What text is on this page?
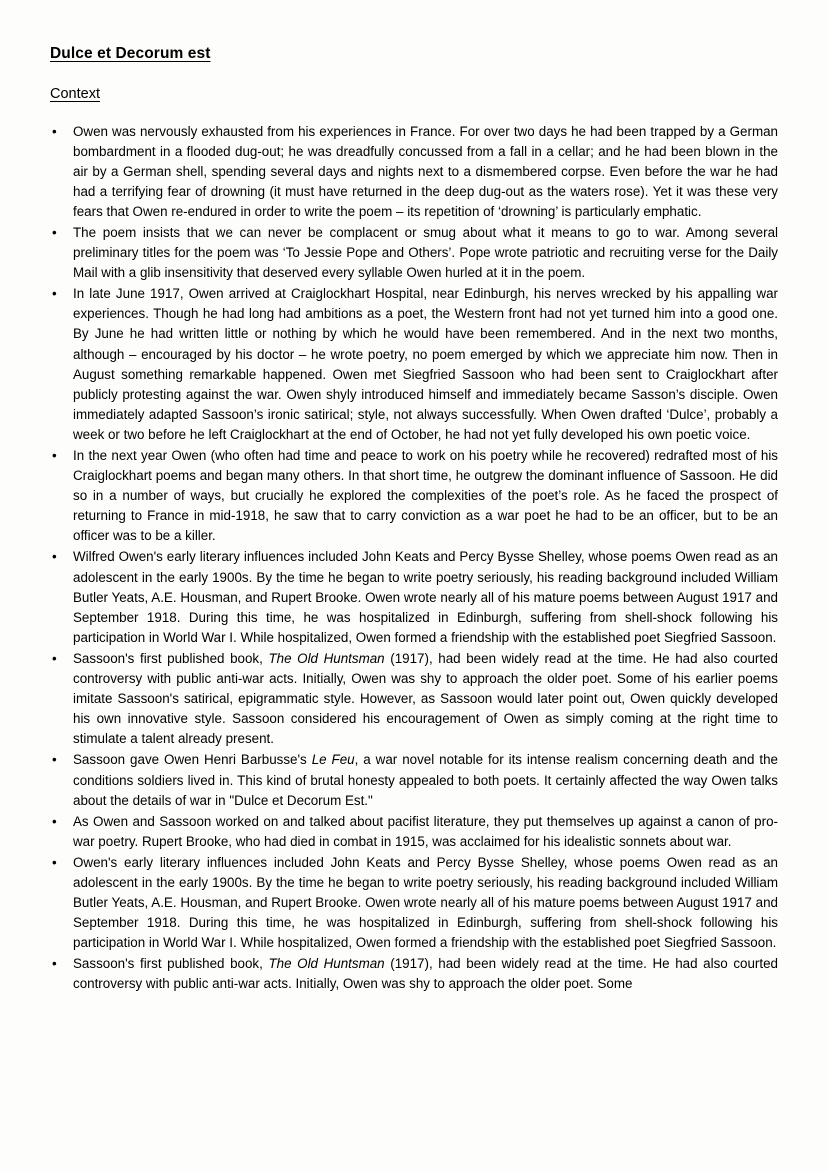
Dulce et Decorum est
Context
• Owen was nervously exhausted from his experiences in France. For over two days he had been trapped by a German bombardment in a flooded dug-out; he was dreadfully concussed from a fall in a cellar; and he had been blown in the air by a German shell, spending several days and nights next to a dismembered corpse. Even before the war he had had a terrifying fear of drowning (it must have returned in the deep dug-out as the waters rose). Yet it was these very fears that Owen re-endured in order to write the poem – its repetition of ‘drowning’ is particularly emphatic.
• The poem insists that we can never be complacent or smug about what it means to go to war. Among several preliminary titles for the poem was ‘To Jessie Pope and Others’. Pope wrote patriotic and recruiting verse for the Daily Mail with a glib insensitivity that deserved every syllable Owen hurled at it in the poem.
• In late June 1917, Owen arrived at Craiglockhart Hospital, near Edinburgh, his nerves wrecked by his appalling war experiences. Though he had long had ambitions as a poet, the Western front had not yet turned him into a good one. By June he had written little or nothing by which he would have been remembered. And in the next two months, although – encouraged by his doctor – he wrote poetry, no poem emerged by which we appreciate him now. Then in August something remarkable happened. Owen met Siegfried Sassoon who had been sent to Craiglockhart after publicly protesting against the war. Owen shyly introduced himself and immediately became Sasson’s disciple. Owen immediately adapted Sassoon’s ironic satirical; style, not always successfully. When Owen drafted ‘Dulce’, probably a week or two before he left Craiglockhart at the end of October, he had not yet fully developed his own poetic voice.
• In the next year Owen (who often had time and peace to work on his poetry while he recovered) redrafted most of his Craiglockhart poems and began many others. In that short time, he outgrew the dominant influence of Sassoon. He did so in a number of ways, but crucially he explored the complexities of the poet’s role. As he faced the prospect of returning to France in mid-1918, he saw that to carry conviction as a war poet he had to be an officer, but to be an officer was to be a killer.
• Wilfred Owen's early literary influences included John Keats and Percy Bysse Shelley, whose poems Owen read as an adolescent in the early 1900s. By the time he began to write poetry seriously, his reading background included William Butler Yeats, A.E. Housman, and Rupert Brooke. Owen wrote nearly all of his mature poems between August 1917 and September 1918. During this time, he was hospitalized in Edinburgh, suffering from shell-shock following his participation in World War I. While hospitalized, Owen formed a friendship with the established poet Siegfried Sassoon.
• Sassoon's first published book, The Old Huntsman (1917), had been widely read at the time. He had also courted controversy with public anti-war acts. Initially, Owen was shy to approach the older poet. Some of his earlier poems imitate Sassoon's satirical, epigrammatic style. However, as Sassoon would later point out, Owen quickly developed his own innovative style. Sassoon considered his encouragement of Owen as simply coming at the right time to stimulate a talent already present.
• Sassoon gave Owen Henri Barbusse's Le Feu, a war novel notable for its intense realism concerning death and the conditions soldiers lived in. This kind of brutal honesty appealed to both poets. It certainly affected the way Owen talks about the details of war in "Dulce et Decorum Est."
• As Owen and Sassoon worked on and talked about pacifist literature, they put themselves up against a canon of pro-war poetry. Rupert Brooke, who had died in combat in 1915, was acclaimed for his idealistic sonnets about war.
• Owen's early literary influences included John Keats and Percy Bysse Shelley, whose poems Owen read as an adolescent in the early 1900s. By the time he began to write poetry seriously, his reading background included William Butler Yeats, A.E. Housman, and Rupert Brooke. Owen wrote nearly all of his mature poems between August 1917 and September 1918. During this time, he was hospitalized in Edinburgh, suffering from shell-shock following his participation in World War I. While hospitalized, Owen formed a friendship with the established poet Siegfried Sassoon.
• Sassoon's first published book, The Old Huntsman (1917), had been widely read at the time. He had also courted controversy with public anti-war acts. Initially, Owen was shy to approach the older poet. Some
